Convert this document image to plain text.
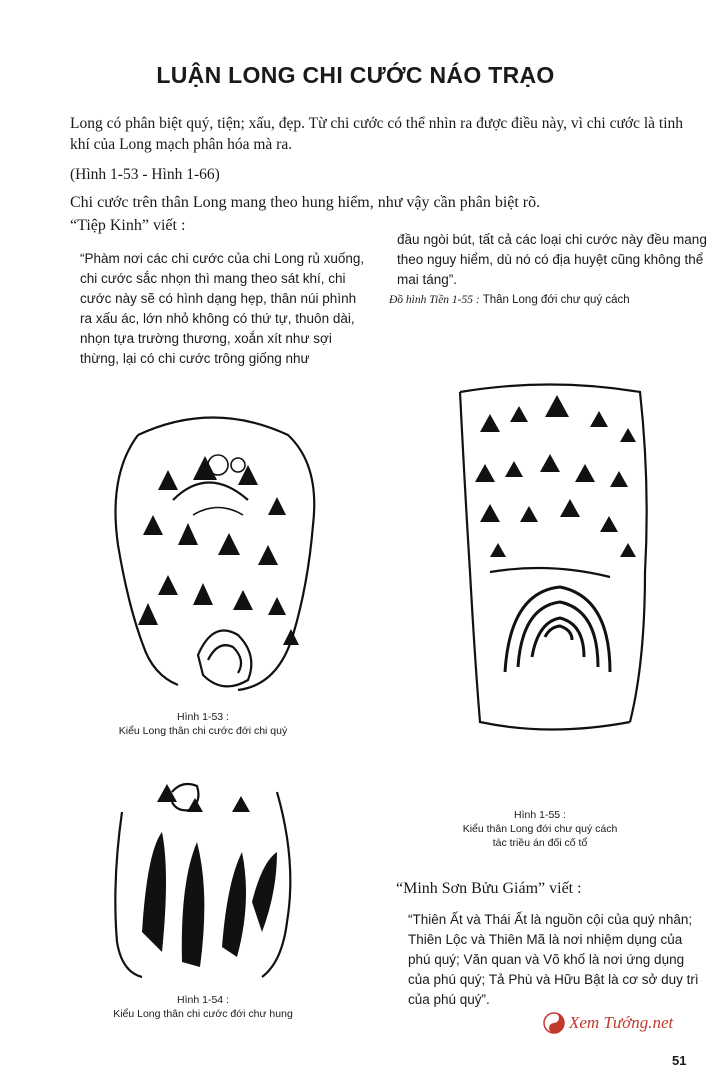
LUẬN LONG CHI CƯỚC NÁO TRẠO
Long có phân biệt quý, tiện; xấu, đẹp. Từ chi cước có thể nhìn ra được điều này, vì chi cước là tinh khí của Long mạch phân hóa mà ra.
(Hình 1-53 - Hình 1-66)
Chi cước trên thân Long mang theo hung hiểm, như vậy cần phân biệt rõ.
“Tiệp Kinh” viết :
“Phàm nơi các chi cước của chi Long rủ xuống, chi cước sắc nhọn thì mang theo sát khí, chi cước này sẽ có hình dạng hẹp, thân núi phình ra xấu ác, lớn nhỏ không có thứ tự, thuôn dài, nhọn tựa trường thương, xoắn xít như sợi thừng, lại có chi cước trông giống như
đầu ngòi bút, tất cả các loại chi cước này đều mang theo nguy hiểm, dù nó có địa huyệt cũng không thể mai táng”.
Đồ hình Tiền 1-55 : Thân Long đới chư quý cách
Hình 1-53 :
Kiểu Long thân chi cước đới chi quý
Hình 1-54 :
Kiểu Long thân chi cước đới chư hung
Hình 1-55 :
Kiểu thân Long đới chư quý cách
tác triều án đối cố tổ
“Minh Sơn Bửu Giám” viết :
“Thiên Ất và Thái Ất là nguồn cội của quý nhân; Thiên Lộc và Thiên Mã là nơi nhiệm dụng của phú quý; Văn quan và Võ khố là nơi ứng dụng của phú quý; Tả Phù và Hữu Bật là cơ sở duy trì của phú quý”.
Xem Tướng.net
51
